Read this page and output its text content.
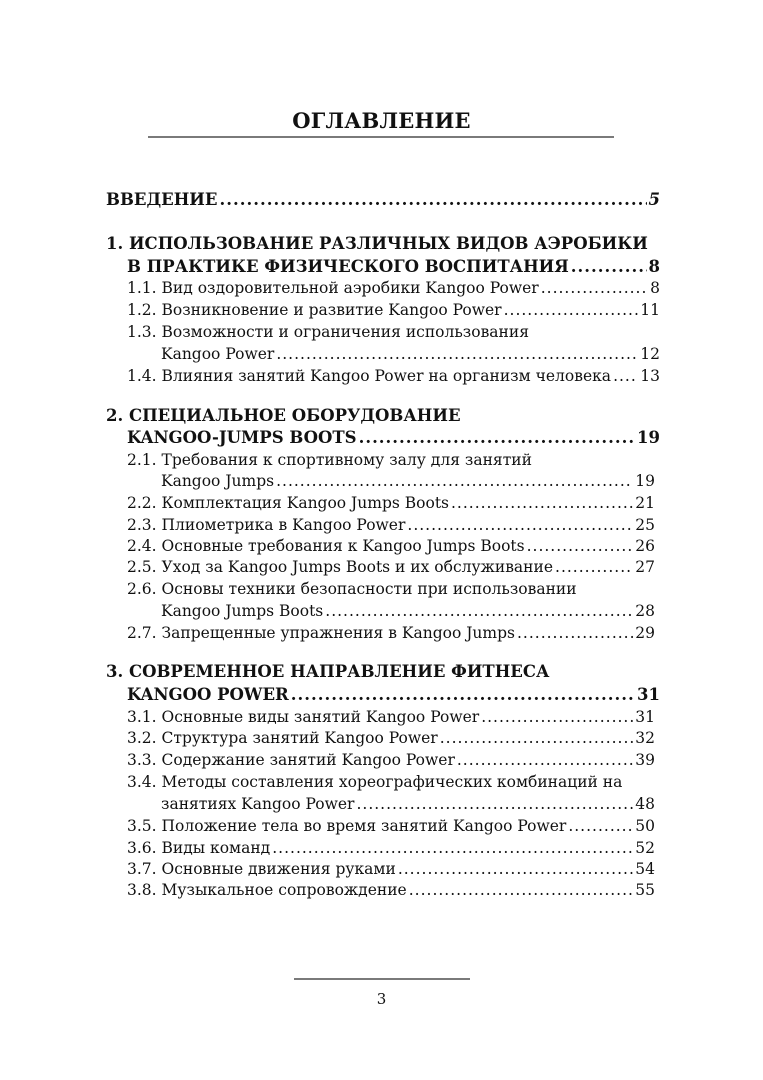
ОГЛАВЛЕНИЕ
ВВЕДЕНИЕ .....	5
1. ИСПОЛЬЗОВАНИЕ РАЗЛИЧНЫХ ВИДОВ АЭРОБИКИ
В ПРАКТИКЕ ФИЗИЧЕСКОГО ВОСПИТАНИЯ .....	8
1.1. Вид оздоровительной аэробики Kangoo Power .....	8
1.2. Возникновение и развитие Kangoo Power .....	11
1.3. Возможности и ограничения использования
Kangoo Power .....	12
1.4. Влияния занятий Kangoo Power на организм человека ..... 13
2. СПЕЦИАЛЬНОЕ ОБОРУДОВАНИЕ
KANGOO-JUMPS BOOTS .....	19
2.1. Требования к спортивному залу для занятий
Kangoo Jumps .....	19
2.2. Комплектация Kangoo Jumps Boots .....	21
2.3. Плиометрика в Kangoo Power .....	25
2.4. Основные требования к Kangoo Jumps Boots .....	26
2.5. Уход за Kangoo Jumps Boots и их обслуживание .....	27
2.6. Основы техники безопасности при использовании
Kangoo Jumps Boots .....	28
2.7. Запрещенные упражнения в Kangoo Jumps .....	29
3. СОВРЕМЕННОЕ НАПРАВЛЕНИЕ ФИТНЕСА
KANGOO POWER .....	31
3.1. Основные виды занятий Kangoo Power .....	31
3.2. Структура занятий Kangoo Power .....	32
3.3. Содержание занятий Kangoo Power .....	39
3.4. Методы составления хореографических комбинаций на
занятиях Kangoo Power .....	48
3.5. Положение тела во время занятий Kangoo Power .....	50
3.6. Виды команд .....	52
3.7. Основные движения руками .....	54
3.8. Музыкальное сопровождение .....	55
3
